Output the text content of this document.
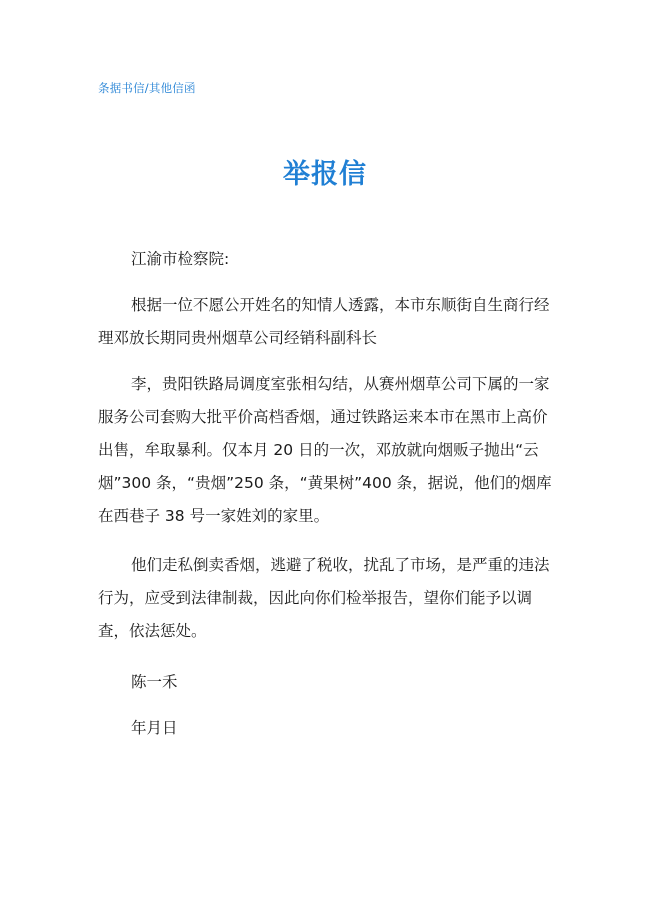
条据书信/其他信函
举报信

江渝市检察院:

根据一位不愿公开姓名的知情人透露，本市东顺街自生商行经理邓放长期同贵州烟草公司经销科副科长

李，贵阳铁路局调度室张相勾结，从赛州烟草公司下属的一家服务公司套购大批平价高档香烟，通过铁路运来本市在黑市上高价出售，牟取暴利。仅本月 20 日的一次，邓放就向烟贩子抛出“云烟”300 条，“贵烟”250 条，“黄果树”400 条，据说，他们的烟库在西巷子 38 号一家姓刘的家里。

他们走私倒卖香烟，逃避了税收，扰乱了市场，是严重的违法行为，应受到法律制裁，因此向你们检举报告，望你们能予以调查，依法惩处。

陈一禾

年月日
